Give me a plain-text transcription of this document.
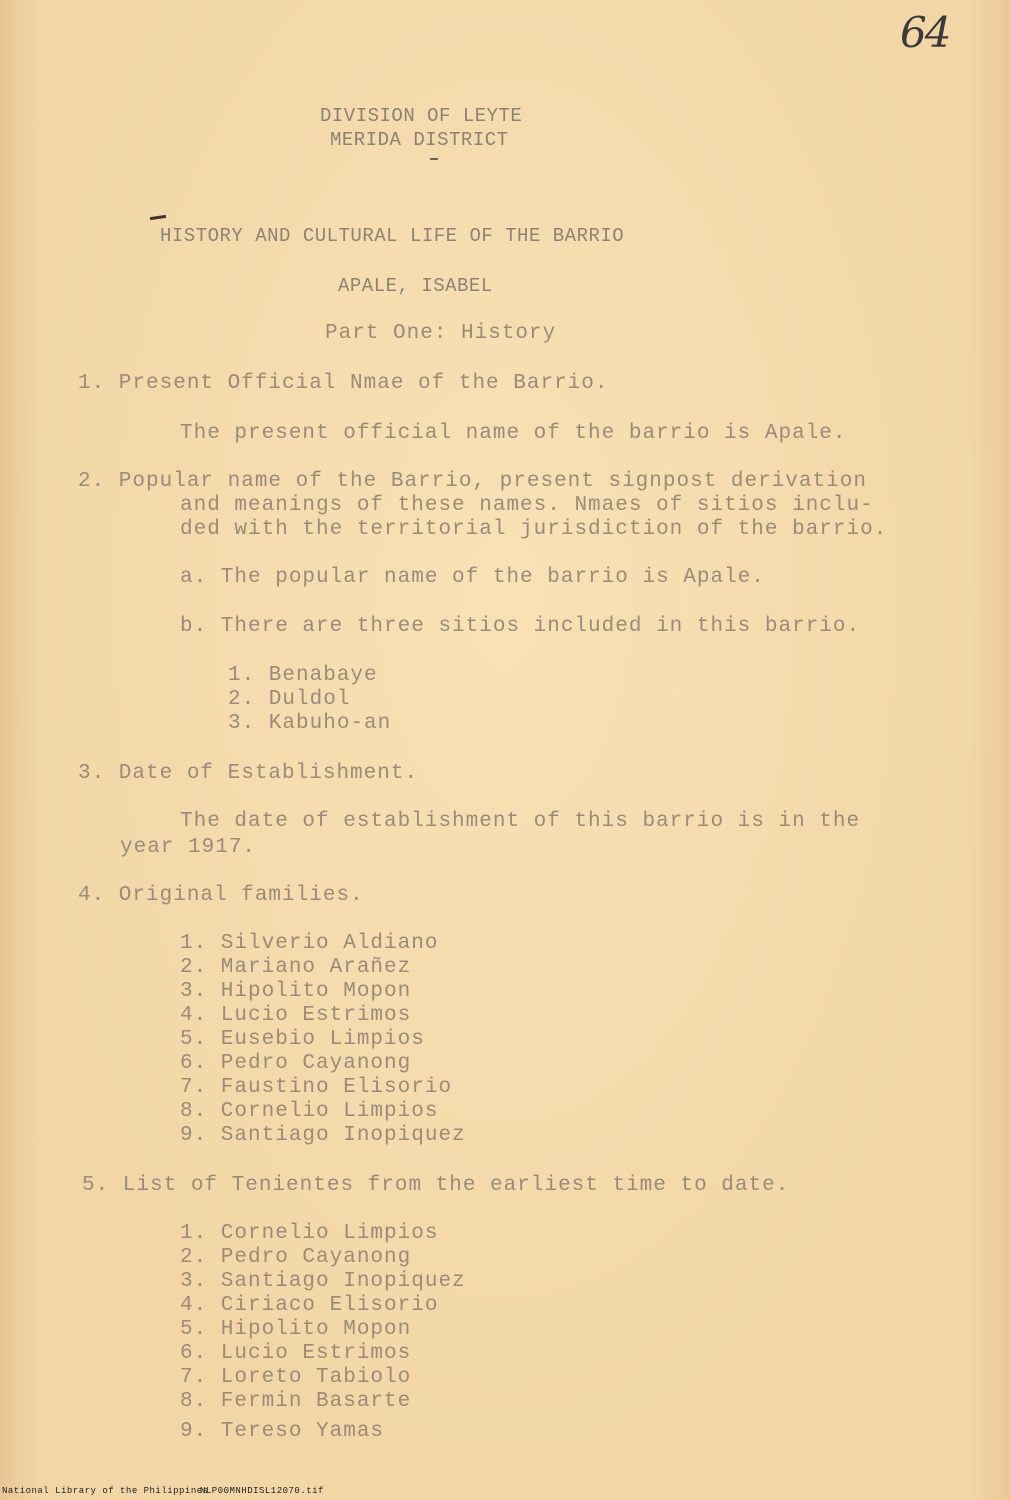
64
DIVISION OF LEYTE
MERIDA DISTRICT
HISTORY AND CULTURAL LIFE OF THE BARRIO
APALE, ISABEL
Part One: History
1. Present Official Nmae of the Barrio.
The present official name of the barrio is Apale.
2. Popular name of the Barrio, present signpost derivation
and meanings of these names. Nmaes of sitios inclu-
ded with the territorial jurisdiction of the barrio.
a. The popular name of the barrio is Apale.
b. There are three sitios included in this barrio.
1. Benabaye
2. Duldol
3. Kabuho-an
3. Date of Establishment.
The date of establishment of this barrio is in the
year 1917.
4. Original families.
1. Silverio Aldiano
2. Mariano Arañez
3. Hipolito Mopon
4. Lucio Estrimos
5. Eusebio Limpios
6. Pedro Cayanong
7. Faustino Elisorio
8. Cornelio Limpios
9. Santiago Inopiquez
5. List of Tenientes from the earliest time to date.
1. Cornelio Limpios
2. Pedro Cayanong
3. Santiago Inopiquez
4. Ciriaco Elisorio
5. Hipolito Mopon
6. Lucio Estrimos
7. Loreto Tabiolo
8. Fermin Basarte
9. Tereso Yamas
National Library of the Philippines
NLP00MNHDISL12070.tif
